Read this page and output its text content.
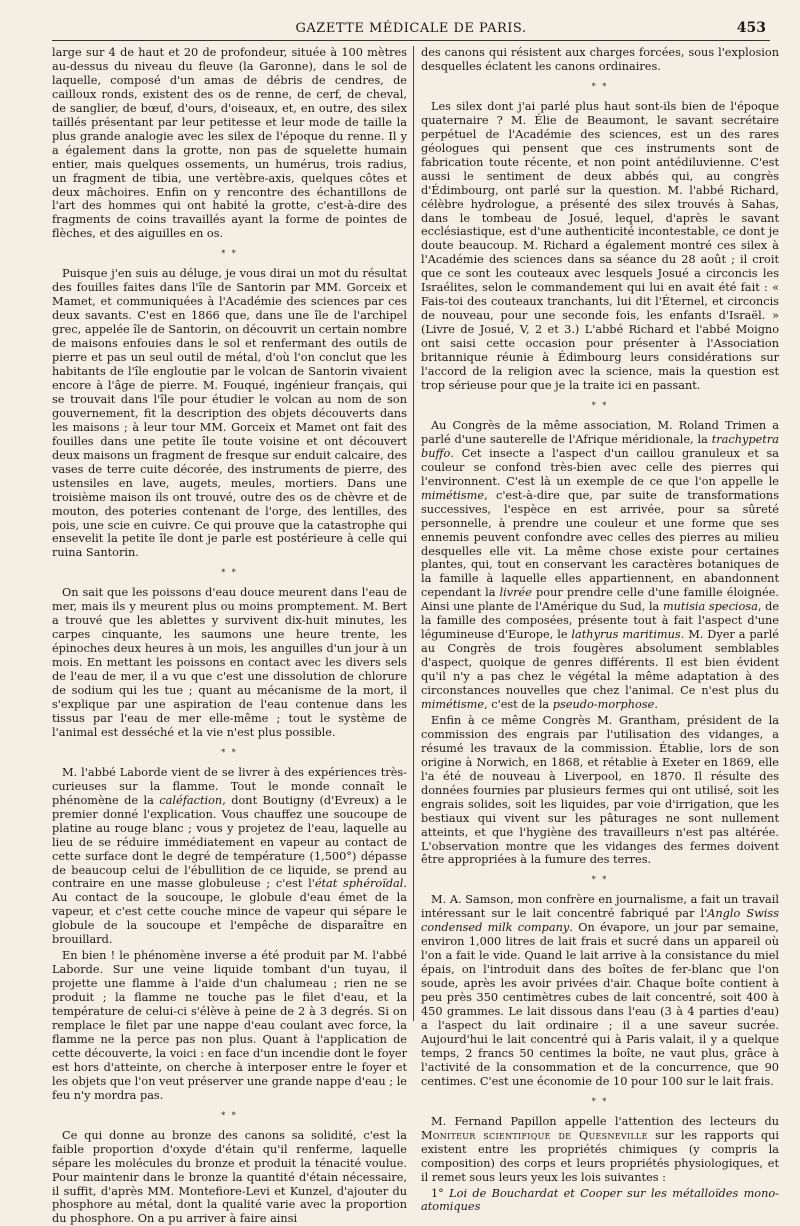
GAZETTE MÉDICALE DE PARIS.	453

large sur 4 de haut et 20 de profondeur, située à 100 mètres au-dessus du niveau du fleuve (la Garonne), dans le sol de laquelle, composé d'un amas de débris de cendres, de cailloux ronds, existent des os de renne, de cerf, de cheval, de sanglier, de bœuf, d'ours, d'oiseaux, et, en outre, des silex taillés présentant par leur petitesse et leur mode de taille la plus grande analogie avec les silex de l'époque du renne. Il y a également dans la grotte, non pas de squelette humain entier, mais quelques ossements, un humérus, trois radius, un fragment de tibia, une vertèbre-axis, quelques côtes et deux mâchoires. Enfin on y rencontre des échantillons de l'art des hommes qui ont habité la grotte, c'est-à-dire des fragments de coins travaillés ayant la forme de pointes de flèches, et des aiguilles en os.

* *

Puisque j'en suis au déluge, je vous dirai un mot du résultat des fouilles faites dans l'île de Santorin par MM. Gorceix et Mamet, et communiquées à l'Académie des sciences par ces deux savants. C'est en 1866 que, dans une île de l'archipel grec, appelée île de Santorin, on découvrit un certain nombre de maisons enfouies dans le sol et renfermant des outils de pierre et pas un seul outil de métal, d'où l'on conclut que les habitants de l'île engloutie par le volcan de Santorin vivaient encore à l'âge de pierre. M. Fouqué, ingénieur français, qui se trouvait dans l'île pour étudier le volcan au nom de son gouvernement, fit la description des objets découverts dans les maisons ; à leur tour MM. Gorceix et Mamet ont fait des fouilles dans une petite île toute voisine et ont découvert deux maisons un fragment de fresque sur enduit calcaire, des vases de terre cuite décorée, des instruments de pierre, des ustensiles en lave, augets, meules, mortiers. Dans une troisième maison ils ont trouvé, outre des os de chèvre et de mouton, des poteries contenant de l'orge, des lentilles, des pois, une scie en cuivre. Ce qui prouve que la catastrophe qui ensevelit la petite île dont je parle est postérieure à celle qui ruina Santorin.

* *

On sait que les poissons d'eau douce meurent dans l'eau de mer, mais ils y meurent plus ou moins promptement. M. Bert a trouvé que les ablettes y survivent dix-huit minutes, les carpes cinquante, les saumons une heure trente, les épinoches deux heures à un mois, les anguilles d'un jour à un mois. En mettant les poissons en contact avec les divers sels de l'eau de mer, il a vu que c'est une dissolution de chlorure de sodium qui les tue ; quant au mécanisme de la mort, il s'explique par une aspiration de l'eau contenue dans les tissus par l'eau de mer elle-même ; tout le système de l'animal est desséché et la vie n'est plus possible.

* *

M. l'abbé Laborde vient de se livrer à des expériences très-curieuses sur la flamme. Tout le monde connaît le phénomène de la caléfaction, dont Boutigny (d'Evreux) a le premier donné l'explication. Vous chauffez une soucoupe de platine au rouge blanc ; vous y projetez de l'eau, laquelle au lieu de se réduire immédiatement en vapeur au contact de cette surface dont le degré de température (1,500°) dépasse de beaucoup celui de l'ébullition de ce liquide, se prend au contraire en une masse globuleuse ; c'est l'état sphéroïdal. Au contact de la soucoupe, le globule d'eau émet de la vapeur, et c'est cette couche mince de vapeur qui sépare le globule de la soucoupe et l'empêche de disparaître en brouillard.

En bien ! le phénomène inverse a été produit par M. l'abbé Laborde. Sur une veine liquide tombant d'un tuyau, il projette une flamme à l'aide d'un chalumeau ; rien ne se produit ; la flamme ne touche pas le filet d'eau, et la température de celui-ci s'élève à peine de 2 à 3 degrés. Si on remplace le filet par une nappe d'eau coulant avec force, la flamme ne la perce pas non plus. Quant à l'application de cette découverte, la voici : en face d'un incendie dont le foyer est hors d'atteinte, on cherche à interposer entre le foyer et les objets que l'on veut préserver une grande nappe d'eau ; le feu n'y mordra pas.

* *

Ce qui donne au bronze des canons sa solidité, c'est la faible proportion d'oxyde d'étain qu'il renferme, laquelle sépare les molécules du bronze et produit la ténacité voulue. Pour maintenir dans le bronze la quantité d'étain nécessaire, il suffit, d'après MM. Montefiore-Levi et Kunzel, d'ajouter du phosphore au métal, dont la qualité varie avec la proportion du phosphore. On a pu arriver à faire ainsi

des canons qui résistent aux charges forcées, sous l'explosion desquelles éclatent les canons ordinaires.

* *

Les silex dont j'ai parlé plus haut sont-ils bien de l'époque quaternaire ? M. Élie de Beaumont, le savant secrétaire perpétuel de l'Académie des sciences, est un des rares géologues qui pensent que ces instruments sont de fabrication toute récente, et non point antédiluvienne. C'est aussi le sentiment de deux abbés qui, au congrès d'Édimbourg, ont parlé sur la question. M. l'abbé Richard, célèbre hydrologue, a présenté des silex trouvés à Sahas, dans le tombeau de Josué, lequel, d'après le savant ecclésiastique, est d'une authenticité incontestable, ce dont je doute beaucoup. M. Richard a également montré ces silex à l'Académie des sciences dans sa séance du 28 août ; il croit que ce sont les couteaux avec lesquels Josué a circoncis les Israélites, selon le commandement qui lui en avait été fait : « Fais-toi des couteaux tranchants, lui dit l'Éternel, et circoncis de nouveau, pour une seconde fois, les enfants d'Israël. » (Livre de Josué, V, 2 et 3.) L'abbé Richard et l'abbé Moigno ont saisi cette occasion pour présenter à l'Association britannique réunie à Édimbourg leurs considérations sur l'accord de la religion avec la science, mais la question est trop sérieuse pour que je la traite ici en passant.

* *

Au Congrès de la même association, M. Roland Trimen a parlé d'une sauterelle de l'Afrique méridionale, la trachypetra buffo. Cet insecte a l'aspect d'un caillou granuleux et sa couleur se confond très-bien avec celle des pierres qui l'environnent. C'est là un exemple de ce que l'on appelle le mimétisme, c'est-à-dire que, par suite de transformations successives, l'espèce en est arrivée, pour sa sûreté personnelle, à prendre une couleur et une forme que ses ennemis peuvent confondre avec celles des pierres au milieu desquelles elle vit. La même chose existe pour certaines plantes, qui, tout en conservant les caractères botaniques de la famille à laquelle elles appartiennent, en abandonnent cependant la livrée pour prendre celle d'une famille éloignée. Ainsi une plante de l'Amérique du Sud, la mutisia speciosa, de la famille des composées, présente tout à fait l'aspect d'une légumineuse d'Europe, le lathyrus maritimus. M. Dyer a parlé au Congrès de trois fougères absolument semblables d'aspect, quoique de genres différents. Il est bien évident qu'il n'y a pas chez le végétal la même adaptation à des circonstances nouvelles que chez l'animal. Ce n'est plus du mimétisme, c'est de la pseudo-morphose.

Enfin à ce même Congrès M. Grantham, président de la commission des engrais par l'utilisation des vidanges, a résumé les travaux de la commission. Établie, lors de son origine à Norwich, en 1868, et rétablie à Exeter en 1869, elle l'a été de nouveau à Liverpool, en 1870. Il résulte des données fournies par plusieurs fermes qui ont utilisé, soit les engrais solides, soit les liquides, par voie d'irrigation, que les bestiaux qui vivent sur les pâturages ne sont nullement atteints, et que l'hygiène des travailleurs n'est pas altérée. L'observation montre que les vidanges des fermes doivent être appropriées à la fumure des terres.

* *

M. A. Samson, mon confrère en journalisme, a fait un travail intéressant sur le lait concentré fabriqué par l'Anglo Swiss condensed milk company. On évapore, un jour par semaine, environ 1,000 litres de lait frais et sucré dans un appareil où l'on a fait le vide. Quand le lait arrive à la consistance du miel épais, on l'introduit dans des boîtes de fer-blanc que l'on soude, après les avoir privées d'air. Chaque boîte contient à peu près 350 centimètres cubes de lait concentré, soit 400 à 450 grammes. Le lait dissous dans l'eau (3 à 4 parties d'eau) a l'aspect du lait ordinaire ; il a une saveur sucrée. Aujourd'hui le lait concentré qui à Paris valait, il y a quelque temps, 2 francs 50 centimes la boîte, ne vaut plus, grâce à l'activité de la consommation et de la concurrence, que 90 centimes. C'est une économie de 10 pour 100 sur le lait frais.

* *

M. Fernand Papillon appelle l'attention des lecteurs du Moniteur scientifique de Quesneville sur les rapports qui existent entre les propriétés chimiques (y compris la composition) des corps et leurs propriétés physiologiques, et il remet sous leurs yeux les lois suivantes :

1° Loi de Bouchardat et Cooper sur les métalloïdes mono-atomiques
